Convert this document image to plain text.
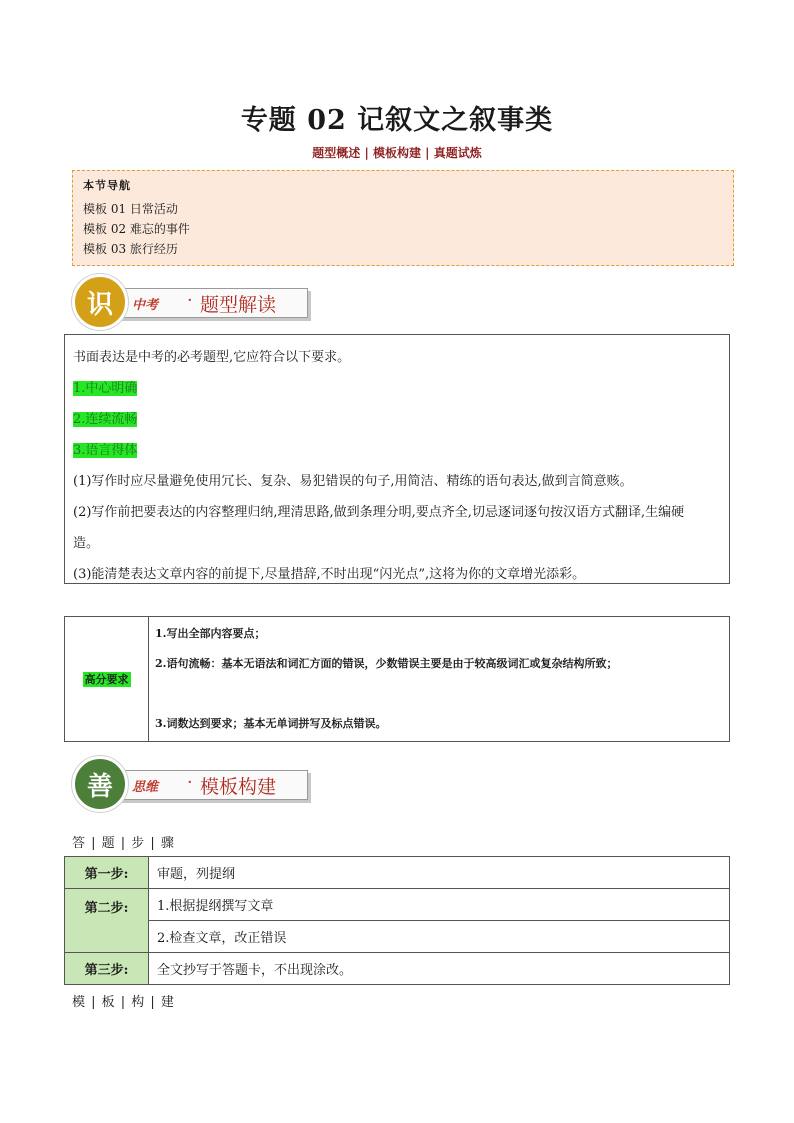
专题 02 记叙文之叙事类
题型概述 | 模板构建 | 真题试炼
本节导航
模板 01 日常活动
模板 02 难忘的事件
模板 03 旅行经历
识	中考 · 题型解读
书面表达是中考的必考题型,它应符合以下要求。
1.中心明确
2.连续流畅
3.语言得体
(1)写作时应尽量避免使用冗长、复杂、易犯错误的句子,用简洁、精练的语句表达,做到言简意赅。
(2)写作前把要表达的内容整理归纳,理清思路,做到条理分明,要点齐全,切忌逐词逐句按汉语方式翻译,生编硬
造。
(3)能清楚表达文章内容的前提下,尽量措辞,不时出现“闪光点”,这将为你的文章增光添彩。
高分要求	
1.写出全部内容要点；
2.语句流畅：基本无语法和词汇方面的错误，少数错误主要是由于较高级词汇或复杂结构所致；
3.词数达到要求；基本无单词拼写及标点错误。
善	思维 · 模板构建
答 | 题 | 步 | 骤
第一步:	审题，列提纲
第二步:	1.根据提纲撰写文章
	2.检查文章，改正错误
第三步:	全文抄写于答题卡，不出现涂改。
模 | 板 | 构 | 建
